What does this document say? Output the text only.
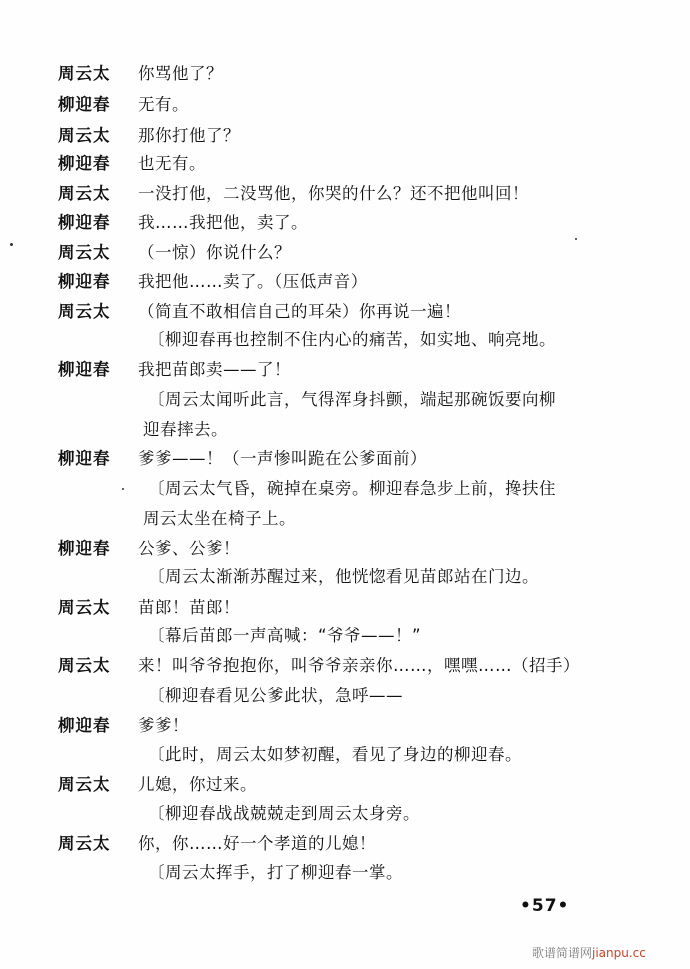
周云太 你骂他了？
柳迎春 无有。
周云太 那你打他了？
柳迎春 也无有。
周云太 一没打他，二没骂他，你哭的什么？还不把他叫回！
柳迎春 我……我把他，卖了。
周云太 （一惊）你说什么？
柳迎春 我把他……卖了。（压低声音）
周云太 （简直不敢相信自己的耳朵）你再说一遍！
〔柳迎春再也控制不住内心的痛苦，如实地、响亮地。
柳迎春 我把苗郎卖——了！
〔周云太闻听此言，气得浑身抖颤，端起那碗饭要向柳
迎春摔去。
柳迎春 爹爹——！（一声惨叫跪在公爹面前）
〔周云太气昏，碗掉在桌旁。柳迎春急步上前，搀扶住
周云太坐在椅子上。
柳迎春 公爹、公爹！
〔周云太渐渐苏醒过来，他恍惚看见苗郎站在门边。
周云太 苗郎！苗郎！
〔幕后苗郎一声高喊：“爷爷——！”
周云太 来！叫爷爷抱抱你，叫爷爷亲亲你……，嘿嘿……（招手）
〔柳迎春看见公爹此状，急呼——
柳迎春 爹爹！
〔此时，周云太如梦初醒，看见了身边的柳迎春。
周云太 儿媳，你过来。
〔柳迎春战战兢兢走到周云太身旁。
周云太 你，你……好一个孝道的儿媳！
〔周云太挥手，打了柳迎春一掌。
•57•
歌谱简谱网jianpu.cc
